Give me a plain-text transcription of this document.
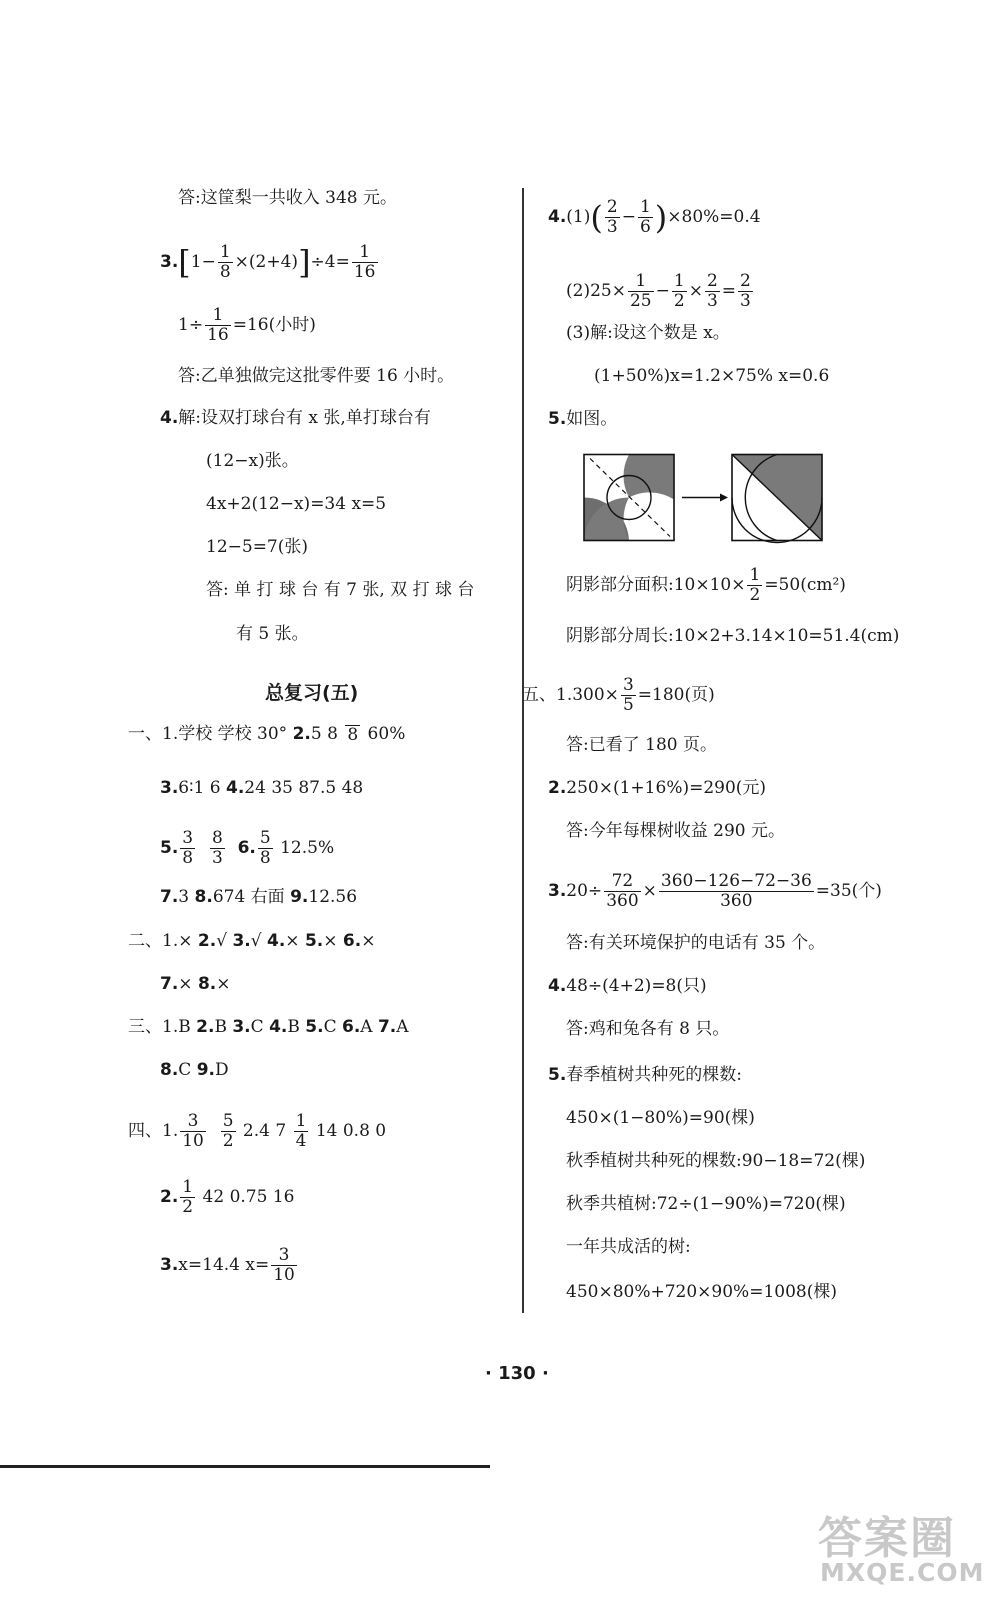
答:这筐梨一共收入 348 元。
$3.[1- \frac{1}{8} \times(2+4)]\div 4= \frac{1}{16}$
$1\div \frac{1}{16} =16$(小时)
答:乙单独做完这批零件要 16 小时。
4.解:设双打球台有 x 张,单打球台有
(12−x)张。
4x+2(12−x)=34 x=5
12−5=7(张)
答: 单 打 球 台 有 7 张, 双 打 球 台
有 5 张。
总复习(五)
一、1.学校 学校 30° 2.5 8 8 60%
3.6∶1 6 4.24 35 87.5 48
5. $\frac{3}{8}$
$\frac{8}{3} 6$. $\frac{5}{8} 12.5\%$
7.3 8.674 右面 9.12.56
二、1.× 2.√ 3.√ 4.× 5.× 6.×
7.× 8.×
三、1.B 2.B 3.C 4.B 5.C 6.A 7.A
8.C 9.D
四、1. $\frac{3}{10}$
$\frac{5}{2} 2.4$ $7 \frac{1}{4} 14$ 0.8 0
2. $\frac{1}{2} 42$ 0.75 16
3.x=14.4 $x= \frac{3}{10}$
$4.(1)( \frac{2}{3} - \frac{1}{6} )\times 80\%=0.4$
$(2)25\times \frac{1}{25} - \frac{1}{2} \times \frac{2}{3} = \frac{2}{3}$
(3)解:设这个数是 x。
(1+50%)x=1.2×75% x=0.6
5.如图。
阴影部分面积:10×10× $\frac{1}{2} =50(cm^2)$
阴影部分周长:10×2+3.14×10=51.4(cm)
五、$1.300\times \frac{3}{5} =180$(页)
答:已看了 180 页。
2.250×(1+16%)=290(元)
答:今年每棵树收益 290 元。
$3.20\div \frac{72}{360} \times \frac{360-126-72-36}{360} =35$(个)
答:有关环境保护的电话有 35 个。
4.48÷(4+2)=8(只)
答:鸡和兔各有 8 只。
5.春季植树共种死的棵数:
450×(1−80%)=90(棵)
秋季植树共种死的棵数:90−18=72(棵)
秋季共植树:72÷(1−90%)=720(棵)
一年共成活的树:
450×80%+720×90%=1008(棵)
· 130 ·
答案圈
MXQE.COM
